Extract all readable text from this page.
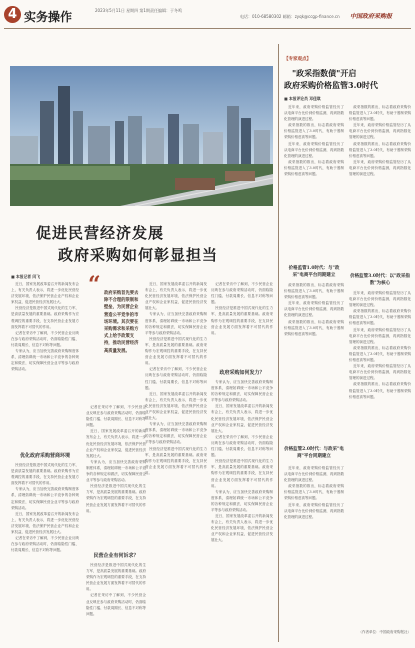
4 实务操作	2023年5月11日 星期四 第1期 责任编辑：于冬鸣
电话：010-68580302 邮箱：zyqk@ccgp-finance.cn 中国政府采购报
促进民营经济发展
政府采购如何彰显担当
■ 本报记者 闫飞

近日，国家发展改革委召开的新闻发布会上，有关负责人表示，将进一步优化民营经济发展环境，依法保护民营企业产权和企业家权益，促进民营经济发展壮大。

民营经济是推进中国式现代化的生力军，是高质量发展的重要基础。政府采购作为宏观调控的重要手段，在支持民营企业发展方面发挥着不可替代的作用。

记者在采访中了解到，不少民营企业反映在参与政府采购活动时，仍面临隐性门槛、付款周期长、信息不对称等问题。

专家认为，应当加快完善政府采购制度体系，清理妨碍统一市场和公平竞争的各种规定和做法，切实保障民营企业平等参与政府采购活动。

优化政府采购营商环境

民营经济是推进中国式现代化的生力军，是高质量发展的重要基础。政府采购作为宏观调控的重要手段，在支持民营企业发展方面发挥着不可替代的作用。

专家认为，应当加快完善政府采购制度体系，清理妨碍统一市场和公平竞争的各种规定和做法，切实保障民营企业平等参与政府采购活动。

近日，国家发展改革委召开的新闻发布会上，有关负责人表示，将进一步优化民营经济发展环境，依法保护民营企业产权和企业家权益，促进民营经济发展壮大。

记者在采访中了解到，不少民营企业反映在参与政府采购活动时，仍面临隐性门槛、付款周期长、信息不对称等问题。

“ 政府采购首先要去除不合理的限制和壁垒，为民营企业营造公平竞争的市场环境。其次要在采购需求和采购方式上给予政策支持，推动民营经济高质量发展。

记者在采访中了解到，不少民营企业反映在参与政府采购活动时，仍面临隐性门槛、付款周期长、信息不对称等问题。

近日，国家发展改革委召开的新闻发布会上，有关负责人表示，将进一步优化民营经济发展环境，依法保护民营企业产权和企业家权益，促进民营经济发展壮大。

专家认为，应当加快完善政府采购制度体系，清理妨碍统一市场和公平竞争的各种规定和做法，切实保障民营企业平等参与政府采购活动。

民营经济是推进中国式现代化的生力军，是高质量发展的重要基础。政府采购作为宏观调控的重要手段，在支持民营企业发展方面发挥着不可替代的作用。

民营企业有何诉求？

民营经济是推进中国式现代化的生力军，是高质量发展的重要基础。政府采购作为宏观调控的重要手段，在支持民营企业发展方面发挥着不可替代的作用。

记者在采访中了解到，不少民营企业反映在参与政府采购活动时，仍面临隐性门槛、付款周期长、信息不对称等问题。

近日，国家发展改革委召开的新闻发布会上，有关负责人表示，将进一步优化民营经济发展环境，依法保护民营企业产权和企业家权益，促进民营经济发展壮大。

专家认为，应当加快完善政府采购制度体系，清理妨碍统一市场和公平竞争的各种规定和做法，切实保障民营企业平等参与政府采购活动。

民营经济是推进中国式现代化的生力军，是高质量发展的重要基础。政府采购作为宏观调控的重要手段，在支持民营企业发展方面发挥着不可替代的作用。

记者在采访中了解到，不少民营企业反映在参与政府采购活动时，仍面临隐性门槛、付款周期长、信息不对称等问题。

近日，国家发展改革委召开的新闻发布会上，有关负责人表示，将进一步优化民营经济发展环境，依法保护民营企业产权和企业家权益，促进民营经济发展壮大。

专家认为，应当加快完善政府采购制度体系，清理妨碍统一市场和公平竞争的各种规定和做法，切实保障民营企业平等参与政府采购活动。

民营经济是推进中国式现代化的生力军，是高质量发展的重要基础。政府采购作为宏观调控的重要手段，在支持民营企业发展方面发挥着不可替代的作用。

记者在采访中了解到，不少民营企业反映在参与政府采购活动时，仍面临隐性门槛、付款周期长、信息不对称等问题。

民营经济是推进中国式现代化的生力军，是高质量发展的重要基础。政府采购作为宏观调控的重要手段，在支持民营企业发展方面发挥着不可替代的作用。

政府采购如何发力？

专家认为，应当加快完善政府采购制度体系，清理妨碍统一市场和公平竞争的各种规定和做法，切实保障民营企业平等参与政府采购活动。

近日，国家发展改革委召开的新闻发布会上，有关负责人表示，将进一步优化民营经济发展环境，依法保护民营企业产权和企业家权益，促进民营经济发展壮大。

记者在采访中了解到，不少民营企业反映在参与政府采购活动时，仍面临隐性门槛、付款周期长、信息不对称等问题。

民营经济是推进中国式现代化的生力军，是高质量发展的重要基础。政府采购作为宏观调控的重要手段，在支持民营企业发展方面发挥着不可替代的作用。

专家认为，应当加快完善政府采购制度体系，清理妨碍统一市场和公平竞争的各种规定和做法，切实保障民营企业平等参与政府采购活动。

近日，国家发展改革委召开的新闻发布会上，有关负责人表示，将进一步优化民营经济发展环境，依法保护民营企业产权和企业家权益，促进民营经济发展壮大。

【专家观点】
"政采指数债"开启
政府采购价格监管3.0时代
■ 本报评论员 邓佳琪

近年来，政府采购价格监管经历了从电商平台比价到价格监测，再到指数化管理的演进过程。

政采指数的推出，标志着政府采购价格监管进入了3.0时代，有助于遏制采购价格虚高等问题。

近年来，政府采购价格监管经历了从电商平台比价到价格监测，再到指数化管理的演进过程。

政采指数的推出，标志着政府采购价格监管进入了3.0时代，有助于遏制采购价格虚高等问题。

价格监管1.0时代：与"政采"电商平台同期建立

政采指数的推出，标志着政府采购价格监管进入了3.0时代，有助于遏制采购价格虚高等问题。

近年来，政府采购价格监管经历了从电商平台比价到价格监测，再到指数化管理的演进过程。

政采指数的推出，标志着政府采购价格监管进入了3.0时代，有助于遏制采购价格虚高等问题。

价格监管2.0时代：与政采"电商"平台同期建立

近年来，政府采购价格监管经历了从电商平台比价到价格监测，再到指数化管理的演进过程。

政采指数的推出，标志着政府采购价格监管进入了3.0时代，有助于遏制采购价格虚高等问题。

近年来，政府采购价格监管经历了从电商平台比价到价格监测，再到指数化管理的演进过程。

政采指数的推出，标志着政府采购价格监管进入了3.0时代，有助于遏制采购价格虚高等问题。

近年来，政府采购价格监管经历了从电商平台比价到价格监测，再到指数化管理的演进过程。

政采指数的推出，标志着政府采购价格监管进入了3.0时代，有助于遏制采购价格虚高等问题。

近年来，政府采购价格监管经历了从电商平台比价到价格监测，再到指数化管理的演进过程。

价格监管3.0时代：以"政采指数"为核心

近年来，政府采购价格监管经历了从电商平台比价到价格监测，再到指数化管理的演进过程。

政采指数的推出，标志着政府采购价格监管进入了3.0时代，有助于遏制采购价格虚高等问题。

近年来，政府采购价格监管经历了从电商平台比价到价格监测，再到指数化管理的演进过程。

政采指数的推出，标志着政府采购价格监管进入了3.0时代，有助于遏制采购价格虚高等问题。

近年来，政府采购价格监管经历了从电商平台比价到价格监测，再到指数化管理的演进过程。

政采指数的推出，标志着政府采购价格监管进入了3.0时代，有助于遏制采购价格虚高等问题。

（作者单位：中国政府采购报社）
